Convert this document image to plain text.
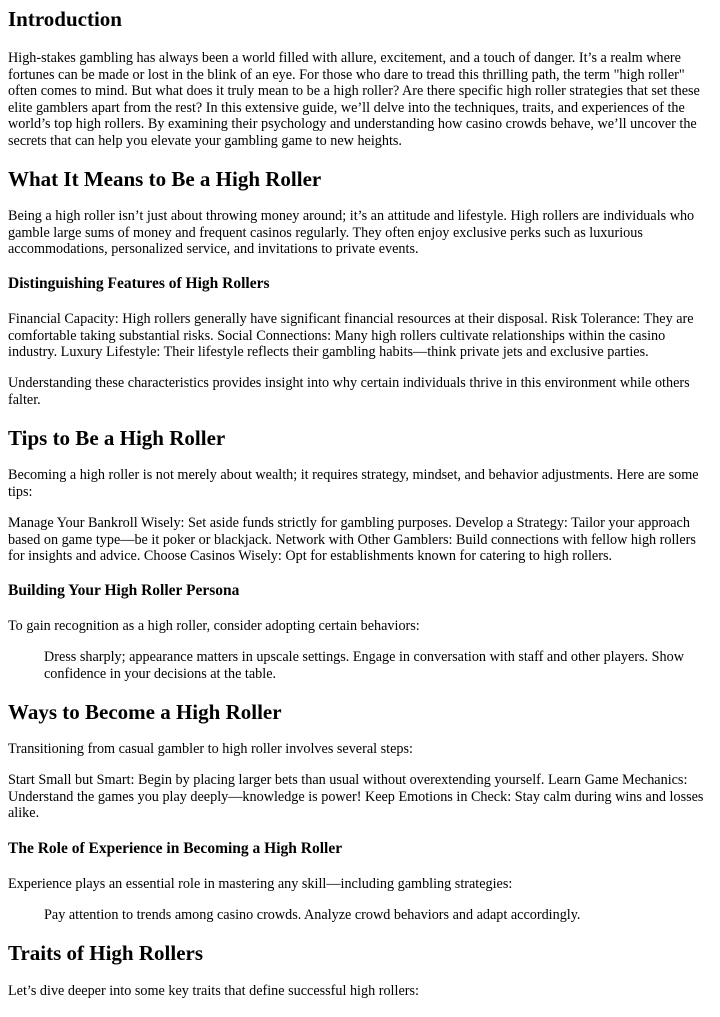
Introduction

High-stakes gambling has always been a world filled with allure, excitement, and a touch of danger. It’s a realm where fortunes can be made or lost in the blink of an eye. For those who dare to tread this thrilling path, the term "high roller" often comes to mind. But what does it truly mean to be a high roller? Are there specific high roller strategies that set these elite gamblers apart from the rest? In this extensive guide, we’ll delve into the techniques, traits, and experiences of the world’s top high rollers. By examining their psychology and understanding how casino crowds behave, we’ll uncover the secrets that can help you elevate your gambling game to new heights.

What It Means to Be a High Roller

Being a high roller isn’t just about throwing money around; it’s an attitude and lifestyle. High rollers are individuals who gamble large sums of money and frequent casinos regularly. They often enjoy exclusive perks such as luxurious accommodations, personalized service, and invitations to private events.

Distinguishing Features of High Rollers

Financial Capacity: High rollers generally have significant financial resources at their disposal. Risk Tolerance: They are comfortable taking substantial risks. Social Connections: Many high rollers cultivate relationships within the casino industry. Luxury Lifestyle: Their lifestyle reflects their gambling habits—think private jets and exclusive parties.

Understanding these characteristics provides insight into why certain individuals thrive in this environment while others falter.

Tips to Be a High Roller

Becoming a high roller is not merely about wealth; it requires strategy, mindset, and behavior adjustments. Here are some tips:

Manage Your Bankroll Wisely: Set aside funds strictly for gambling purposes. Develop a Strategy: Tailor your approach based on game type—be it poker or blackjack. Network with Other Gamblers: Build connections with fellow high rollers for insights and advice. Choose Casinos Wisely: Opt for establishments known for catering to high rollers.

Building Your High Roller Persona

To gain recognition as a high roller, consider adopting certain behaviors:

Dress sharply; appearance matters in upscale settings. Engage in conversation with staff and other players. Show confidence in your decisions at the table.

Ways to Become a High Roller

Transitioning from casual gambler to high roller involves several steps:

Start Small but Smart: Begin by placing larger bets than usual without overextending yourself. Learn Game Mechanics: Understand the games you play deeply—knowledge is power! Keep Emotions in Check: Stay calm during wins and losses alike.

The Role of Experience in Becoming a High Roller

Experience plays an essential role in mastering any skill—including gambling strategies:

Pay attention to trends among casino crowds. Analyze crowd behaviors and adapt accordingly.

Traits of High Rollers

Let’s dive deeper into some key traits that define successful high rollers:
